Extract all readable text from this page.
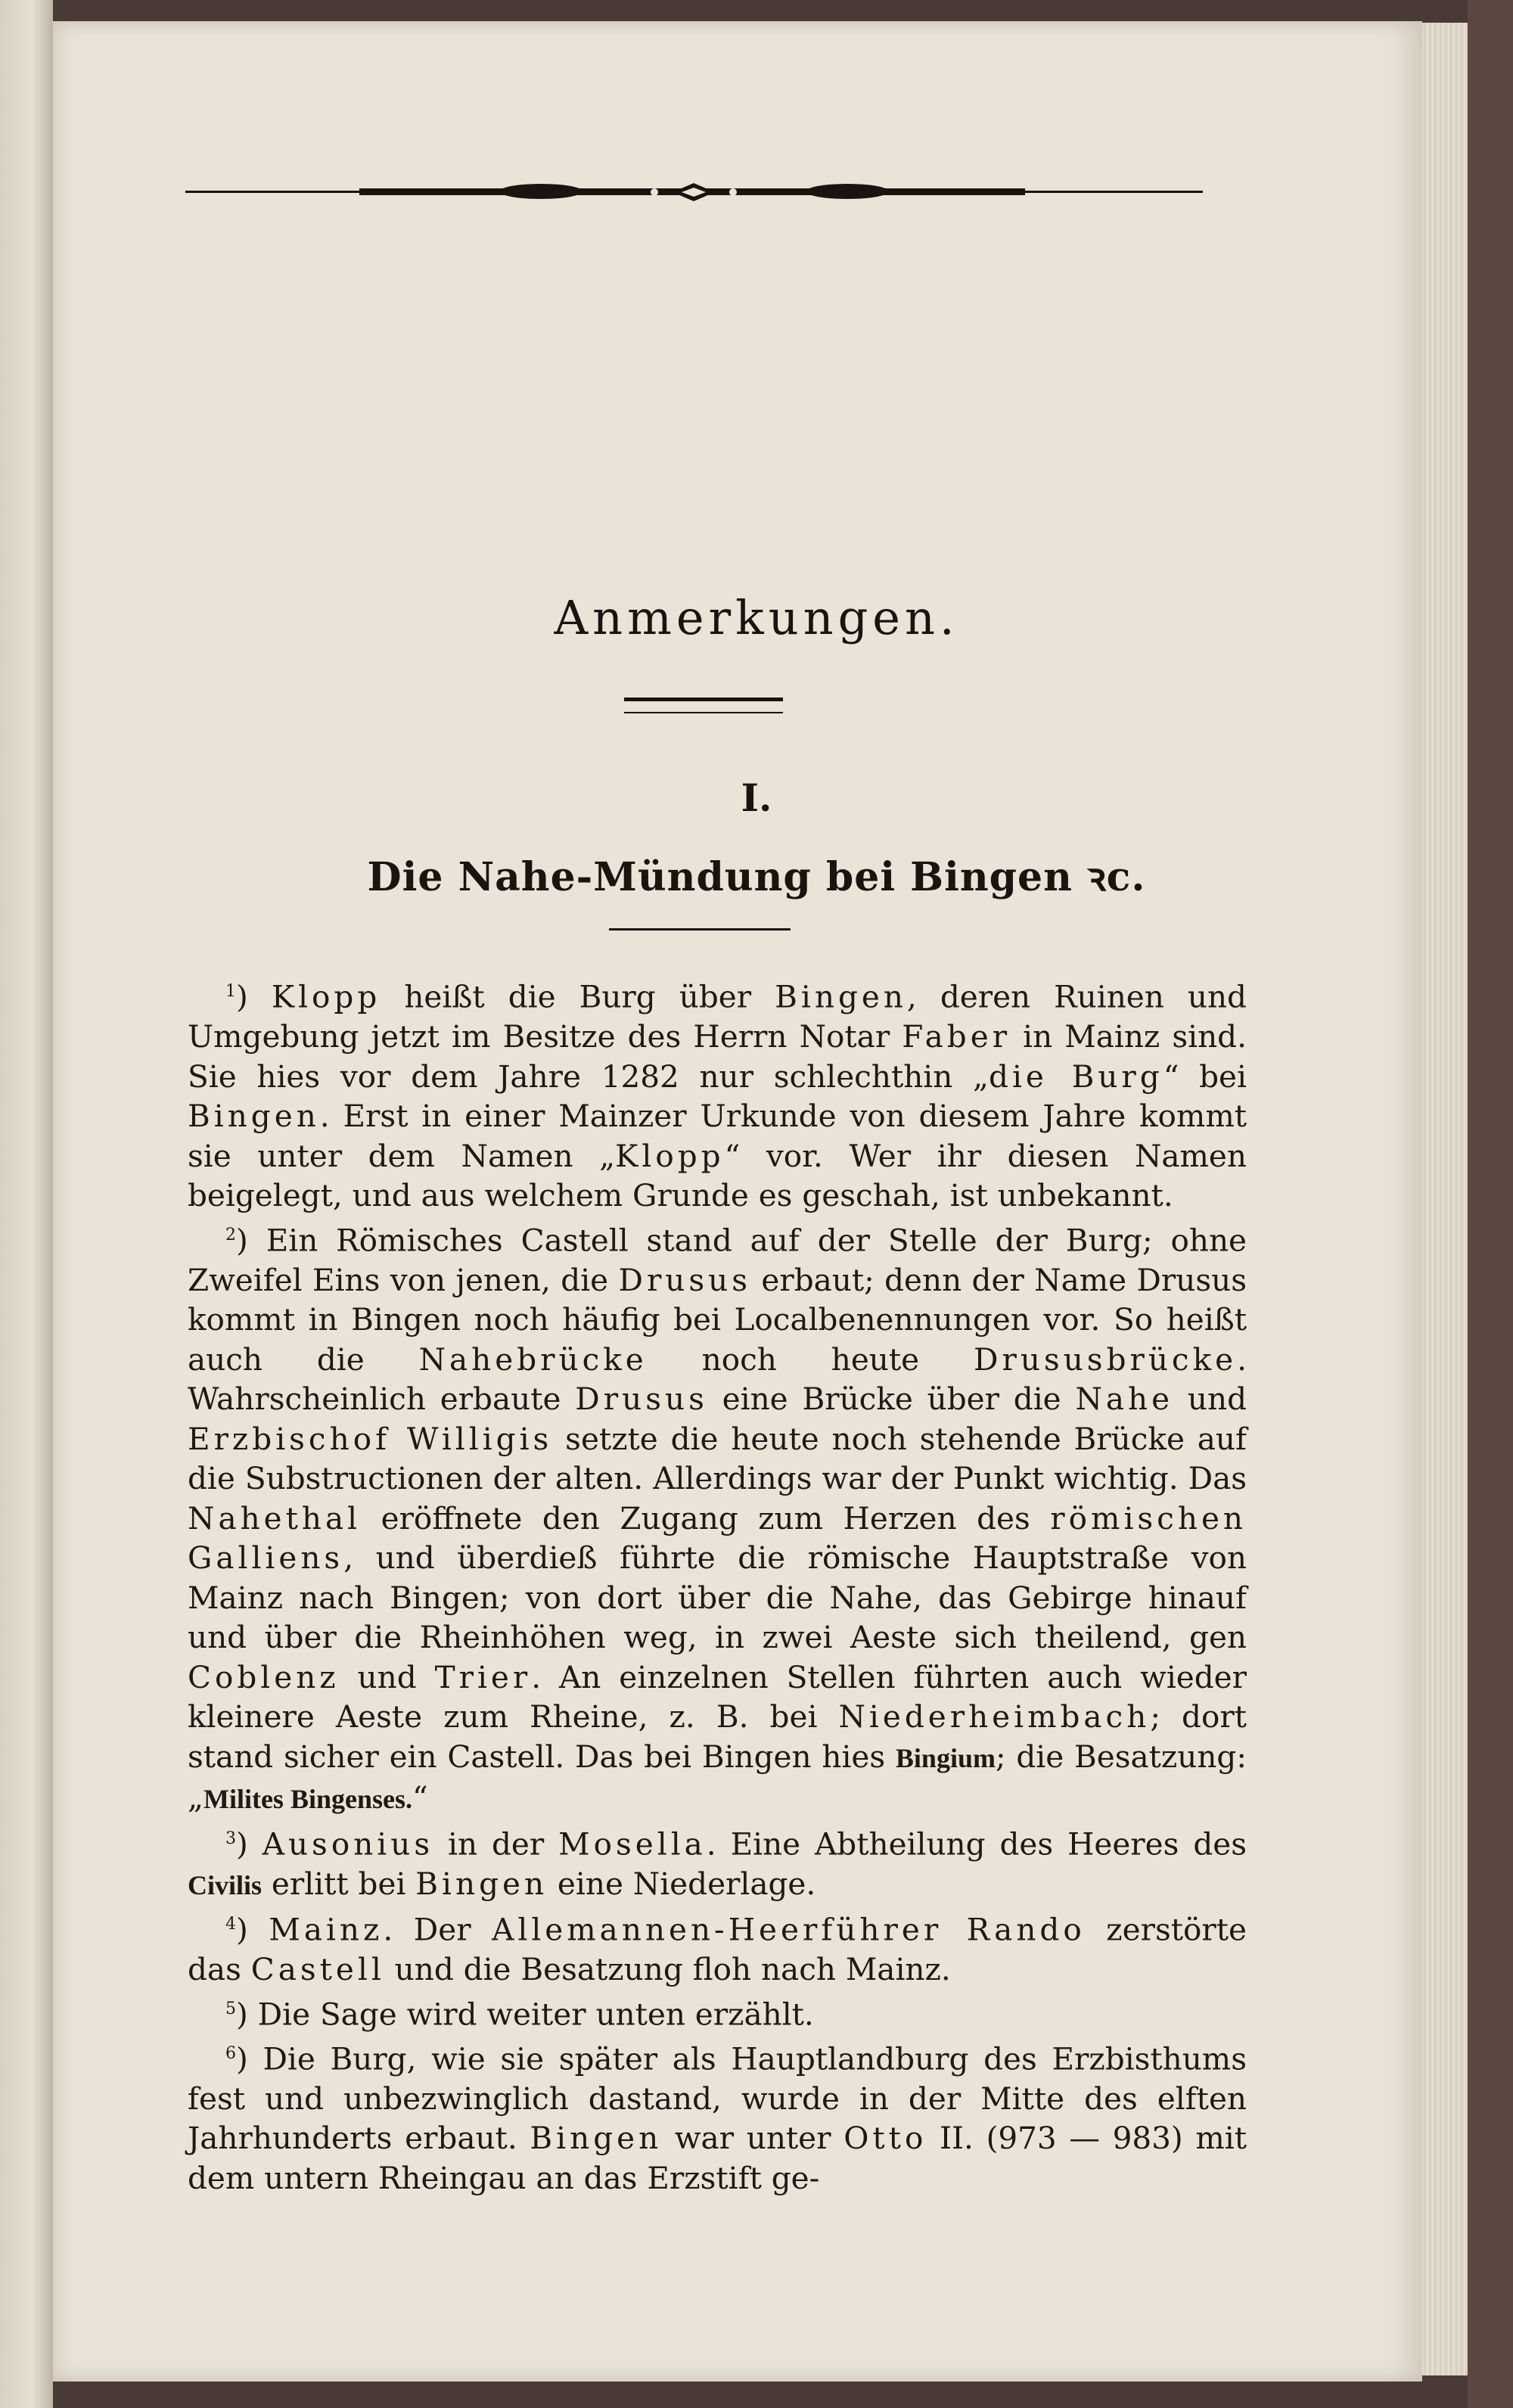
Anmerkungen.
I.
Die Nahe-Mündung bei Bingen ꝛc.

$^1$) Klopp heißt die Burg über Bingen, deren Ruinen und Umgebung jetzt im Besitze des Herrn Notar Faber in Mainz sind. Sie hies vor dem Jahre 1282 nur schlechthin „die Burg“ bei Bingen. Erst in einer Mainzer Urkunde von diesem Jahre kommt sie unter dem Namen „Klopp“ vor. Wer ihr diesen Namen beigelegt, und aus welchem Grunde es geschah, ist unbekannt.

$^2$) Ein Römisches Castell stand auf der Stelle der Burg; ohne Zweifel Eins von jenen, die Drusus erbaut; denn der Name Drusus kommt in Bingen noch häufig bei Localbenennungen vor. So heißt auch die Nahebrücke noch heute Drususbrücke. Wahrscheinlich erbaute Drusus eine Brücke über die Nahe und Erzbischof Willigis setzte die heute noch stehende Brücke auf die Substructionen der alten. Allerdings war der Punkt wichtig. Das Nahethal eröffnete den Zugang zum Herzen des römischen Galliens, und überdieß führte die römische Hauptstraße von Mainz nach Bingen; von dort über die Nahe, das Gebirge hinauf und über die Rheinhöhen weg, in zwei Aeste sich theilend, gen Coblenz und Trier. An einzelnen Stellen führten auch wieder kleinere Aeste zum Rheine, z. B. bei Niederheimbach; dort stand sicher ein Castell. Das bei Bingen hies Bingium; die Besatzung: „Milites Bingenses.“

$^3$) Ausonius in der Mosella. Eine Abtheilung des Heeres des Civilis erlitt bei Bingen eine Niederlage.

$^4$) Mainz. Der Allemannen-Heerführer Rando zerstörte das Castell und die Besatzung floh nach Mainz.

$^5$) Die Sage wird weiter unten erzählt.

$^6$) Die Burg, wie sie später als Hauptlandburg des Erzbisthums fest und unbezwinglich dastand, wurde in der Mitte des elften Jahrhunderts erbaut. Bingen war unter Otto II. (973 — 983) mit dem untern Rheingau an das Erzstift ge-
